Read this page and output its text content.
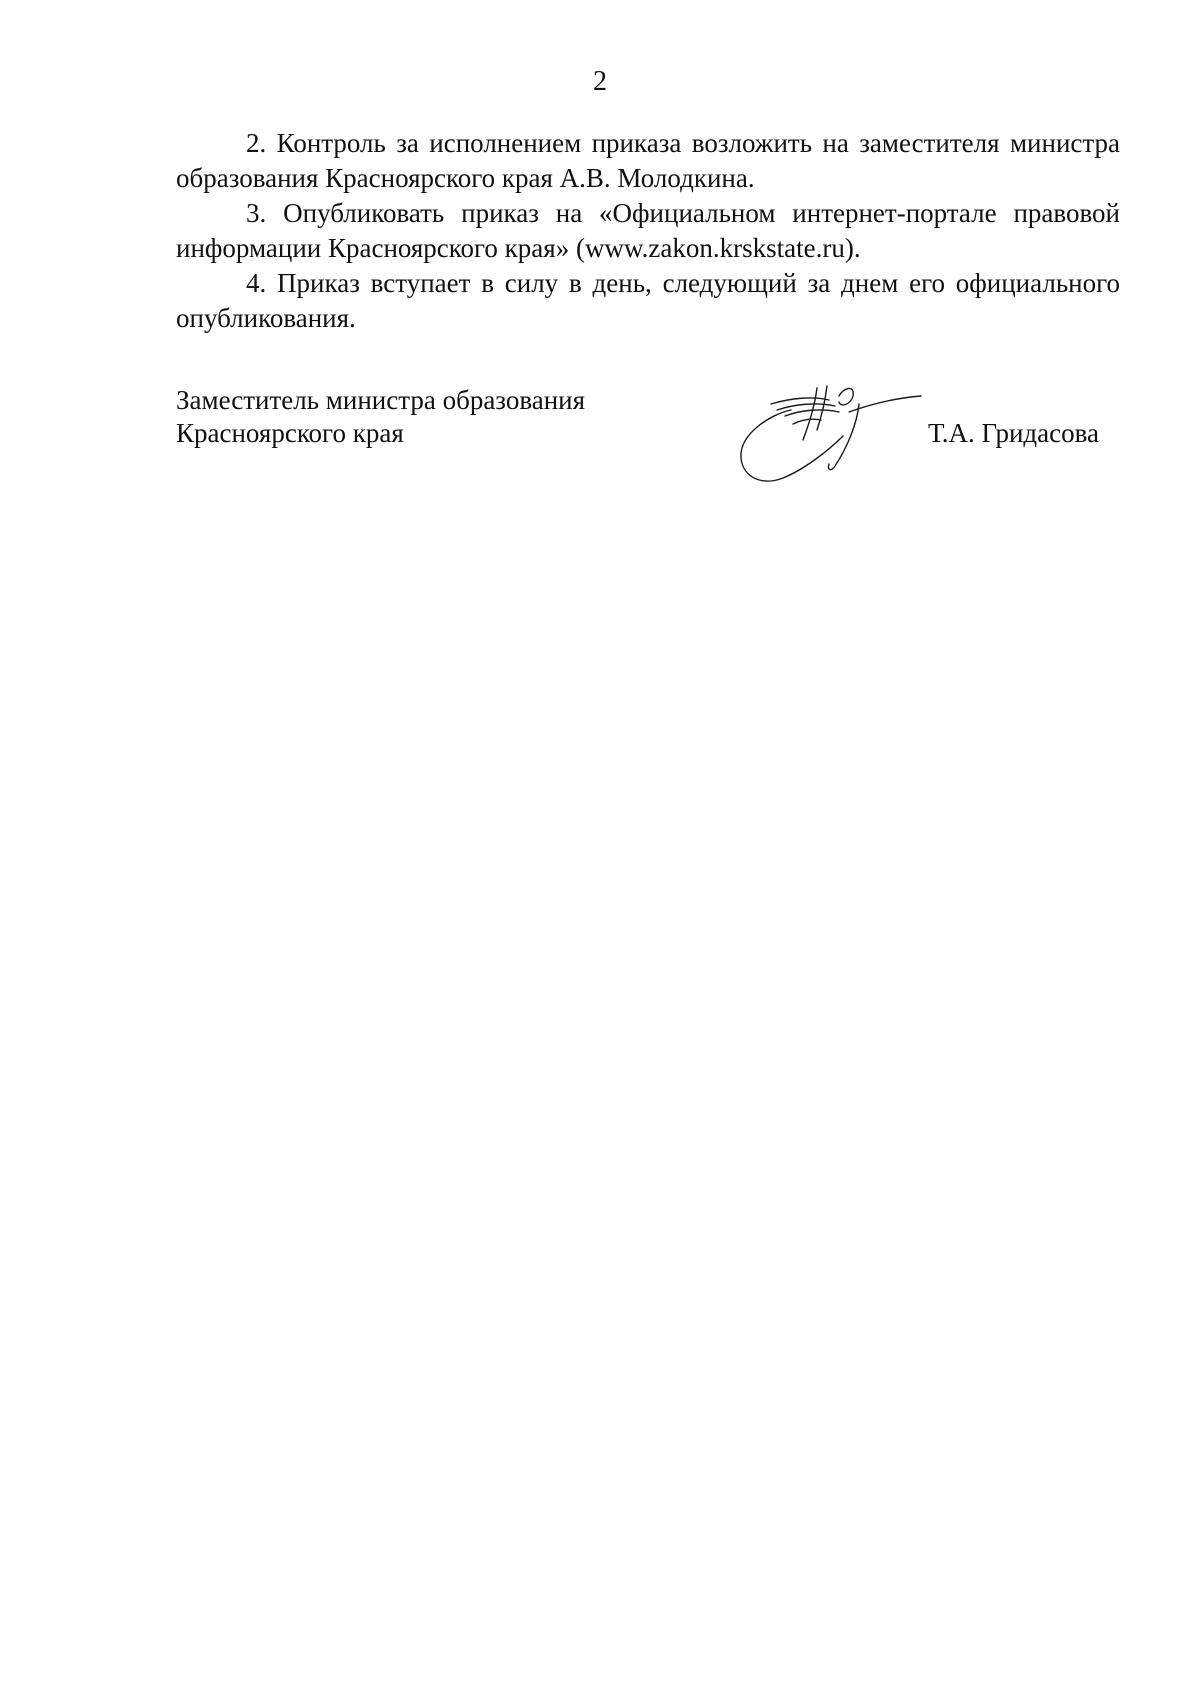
2

2. Контроль за исполнением приказа возложить на заместителя министра образования Красноярского края А.В. Молодкина.

3. Опубликовать приказ на «Официальном интернет-портале правовой информации Красноярского края» (www.zakon.krskstate.ru).

4. Приказ вступает в силу в день, следующий за днем его официального опубликования.

Заместитель министра образования
Красноярского края	Т.А. Гридасова
